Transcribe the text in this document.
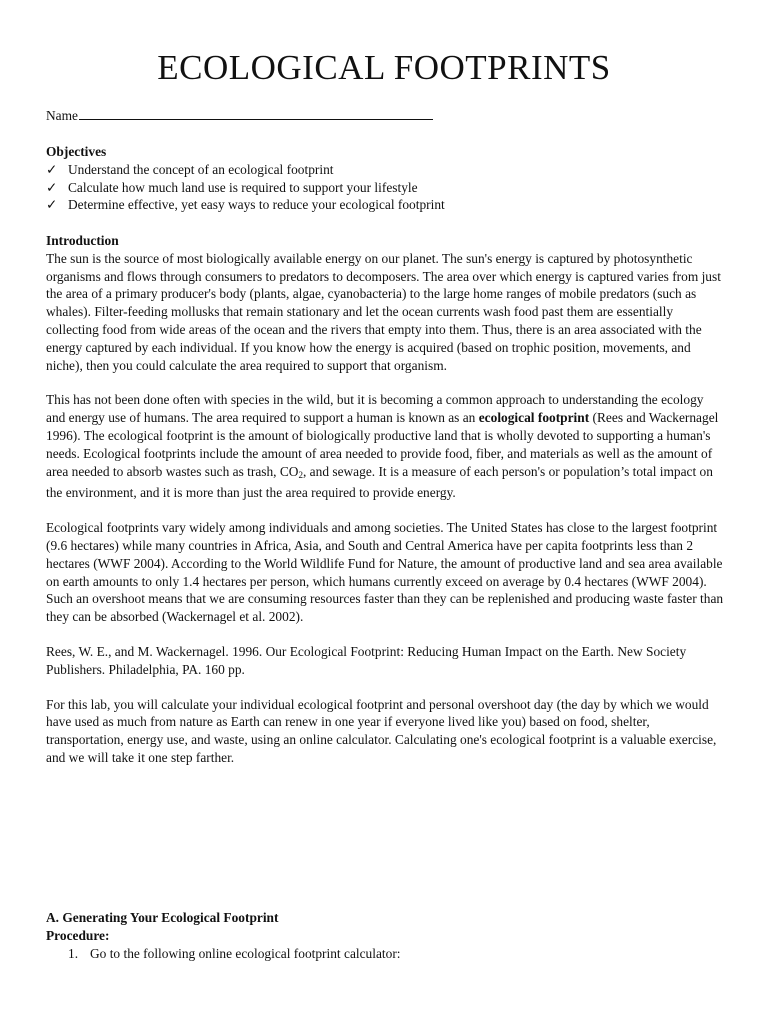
ECOLOGICAL FOOTPRINTS
Name
Objectives
✓ Understand the concept of an ecological footprint
✓ Calculate how much land use is required to support your lifestyle
✓ Determine effective, yet easy ways to reduce your ecological footprint
Introduction

The sun is the source of most biologically available energy on our planet. The sun's energy is captured by photosynthetic organisms and flows through consumers to predators to decomposers. The area over which energy is captured varies from just the area of a primary producer's body (plants, algae, cyanobacteria) to the large home ranges of mobile predators (such as whales). Filter-feeding mollusks that remain stationary and let the ocean currents wash food past them are essentially collecting food from wide areas of the ocean and the rivers that empty into them. Thus, there is an area associated with the energy captured by each individual. If you know how the energy is acquired (based on trophic position, movements, and niche), then you could calculate the area required to support that organism.

This has not been done often with species in the wild, but it is becoming a common approach to understanding the ecology and energy use of humans. The area required to support a human is known as an ecological footprint (Rees and Wackernagel 1996). The ecological footprint is the amount of biologically productive land that is wholly devoted to supporting a human's needs. Ecological footprints include the amount of area needed to provide food, fiber, and materials as well as the amount of area needed to absorb wastes such as trash, $CO_2$, and sewage. It is a measure of each person's or population’s total impact on the environment, and it is more than just the area required to provide energy.

Ecological footprints vary widely among individuals and among societies. The United States has close to the largest footprint (9.6 hectares) while many countries in Africa, Asia, and South and Central America have per capita footprints less than 2 hectares (WWF 2004). According to the World Wildlife Fund for Nature, the amount of productive land and sea area available on earth amounts to only 1.4 hectares per person, which humans currently exceed on average by 0.4 hectares (WWF 2004). Such an overshoot means that we are consuming resources faster than they can be replenished and producing waste faster than they can be absorbed (Wackernagel et al. 2002).

Rees, W. E., and M. Wackernagel. 1996. Our Ecological Footprint: Reducing Human Impact on the Earth. New Society Publishers. Philadelphia, PA. 160 pp.

For this lab, you will calculate your individual ecological footprint and personal overshoot day (the day by which we would have used as much from nature as Earth can renew in one year if everyone lived like you) based on food, shelter, transportation, energy use, and waste, using an online calculator. Calculating one's ecological footprint is a valuable exercise, and we will take it one step farther.

A. Generating Your Ecological Footprint
Procedure:
1. Go to the following online ecological footprint calculator:
